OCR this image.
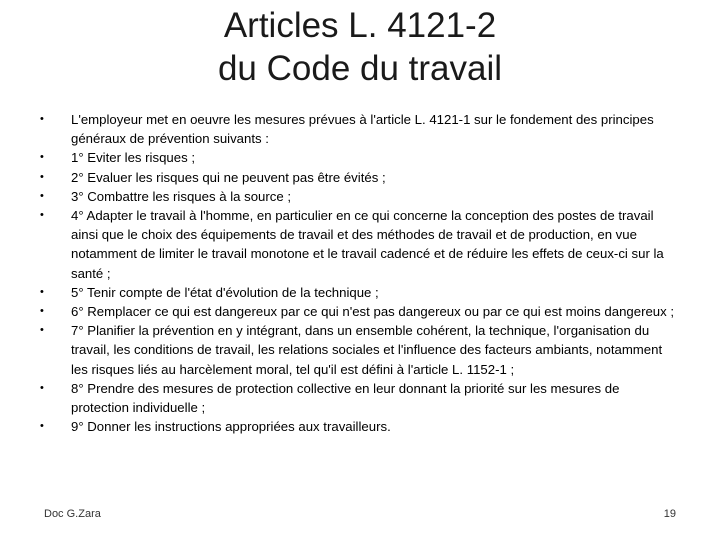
Articles L. 4121-2
du Code du travail
•	L'employeur met en oeuvre les mesures prévues à l'article L. 4121-1 sur le fondement des principes généraux de prévention suivants :
•	1° Eviter les risques ;
•	2° Evaluer les risques qui ne peuvent pas être évités ;
•	3° Combattre les risques à la source ;
•	4° Adapter le travail à l'homme, en particulier en ce qui concerne la conception des postes de travail ainsi que le choix des équipements de travail et des méthodes de travail et de production, en vue notamment de limiter le travail monotone et le travail cadencé et de réduire les effets de ceux-ci sur la santé ;
•	5° Tenir compte de l'état d'évolution de la technique ;
•	6° Remplacer ce qui est dangereux par ce qui n'est pas dangereux ou par ce qui est moins dangereux ;
•	7° Planifier la prévention en y intégrant, dans un ensemble cohérent, la technique, l'organisation du travail, les conditions de travail, les relations sociales et l'influence des facteurs ambiants, notamment les risques liés au harcèlement moral, tel qu'il est défini à l'article L. 1152-1 ;
•	8° Prendre des mesures de protection collective en leur donnant la priorité sur les mesures de protection individuelle ;
•	9° Donner les instructions appropriées aux travailleurs.
Doc G.Zara	19
